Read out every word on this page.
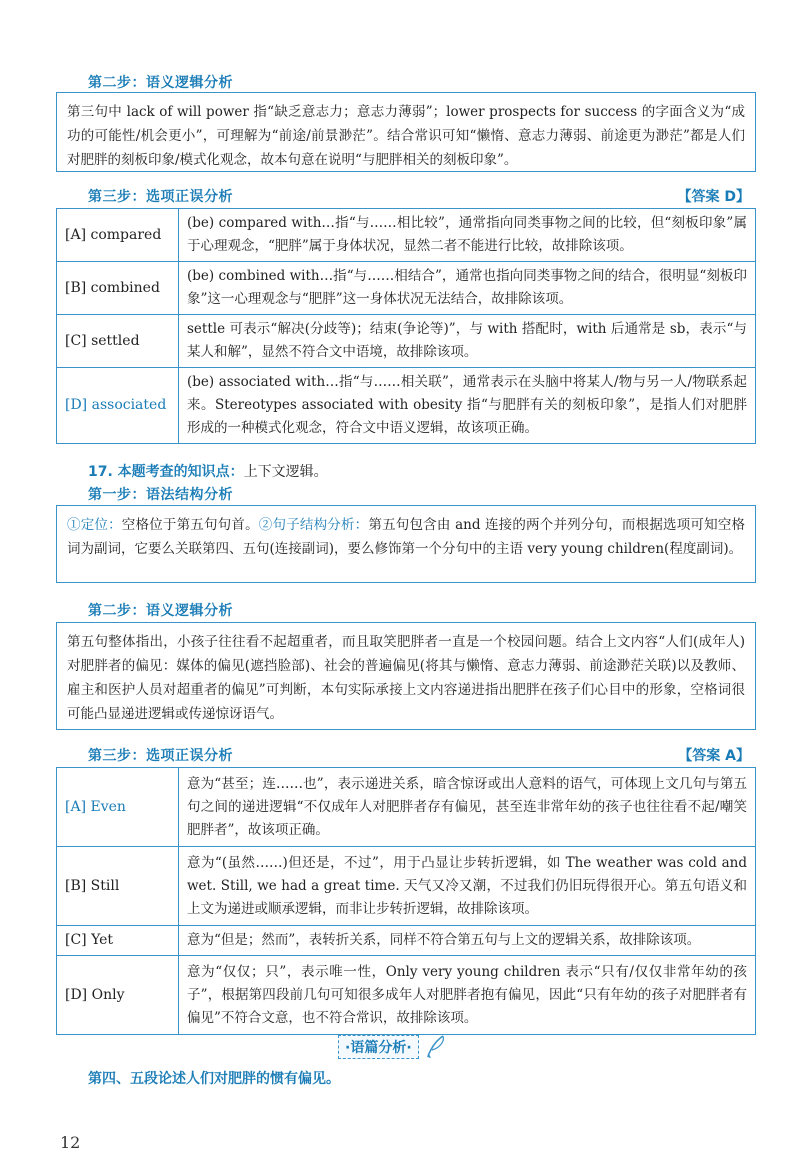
第二步：语义逻辑分析
第三句中 lack of will power 指“缺乏意志力；意志力薄弱”；lower prospects for success 的字面含义为“成功的可能性/机会更小”，可理解为“前途/前景渺茫”。结合常识可知“懒惰、意志力薄弱、前途更为渺茫”都是人们对肥胖的刻板印象/模式化观念，故本句意在说明“与肥胖相关的刻板印象”。
第三步：选项正误分析	【答案 D】
[A] compared	(be) compared with…指“与……相比较”，通常指向同类事物之间的比较，但“刻板印象”属于心理观念，“肥胖”属于身体状况，显然二者不能进行比较，故排除该项。
[B] combined	(be) combined with…指“与……相结合”，通常也指向同类事物之间的结合，很明显“刻板印象”这一心理观念与“肥胖”这一身体状况无法结合，故排除该项。
[C] settled	settle 可表示“解决(分歧等)；结束(争论等)”，与 with 搭配时，with 后通常是 sb，表示“与某人和解”，显然不符合文中语境，故排除该项。
[D] associated	(be) associated with…指“与……相关联”，通常表示在头脑中将某人/物与另一人/物联系起来。Stereotypes associated with obesity 指“与肥胖有关的刻板印象”，是指人们对肥胖形成的一种模式化观念，符合文中语义逻辑，故该项正确。
17. 本题考查的知识点：上下文逻辑。
第一步：语法结构分析
①定位：空格位于第五句句首。②句子结构分析：第五句包含由 and 连接的两个并列分句，而根据选项可知空格词为副词，它要么关联第四、五句(连接副词)，要么修饰第一个分句中的主语 very young children(程度副词)。
第二步：语义逻辑分析
第五句整体指出，小孩子往往看不起超重者，而且取笑肥胖者一直是一个校园问题。结合上文内容“人们(成年人)对肥胖者的偏见：媒体的偏见(遮挡脸部)、社会的普遍偏见(将其与懒惰、意志力薄弱、前途渺茫关联)以及教师、雇主和医护人员对超重者的偏见”可判断，本句实际承接上文内容递进指出肥胖在孩子们心目中的形象，空格词很可能凸显递进逻辑或传递惊讶语气。
第三步：选项正误分析	【答案 A】
[A] Even	意为“甚至；连……也”，表示递进关系，暗含惊讶或出人意料的语气，可体现上文几句与第五句之间的递进逻辑“不仅成年人对肥胖者存有偏见，甚至连非常年幼的孩子也往往看不起/嘲笑肥胖者”，故该项正确。
[B] Still	意为“(虽然……)但还是，不过”，用于凸显让步转折逻辑，如 The weather was cold and wet. Still, we had a great time. 天气又冷又潮，不过我们仍旧玩得很开心。第五句语义和上文为递进或顺承逻辑，而非让步转折逻辑，故排除该项。
[C] Yet	意为“但是；然而”，表转折关系，同样不符合第五句与上文的逻辑关系，故排除该项。
[D] Only	意为“仅仅；只”，表示唯一性，Only very young children 表示“只有/仅仅非常年幼的孩子”，根据第四段前几句可知很多成年人对肥胖者抱有偏见，因此“只有年幼的孩子对肥胖者有偏见”不符合文意，也不符合常识，故排除该项。
·语篇分析·
第四、五段论述人们对肥胖的惯有偏见。
12
